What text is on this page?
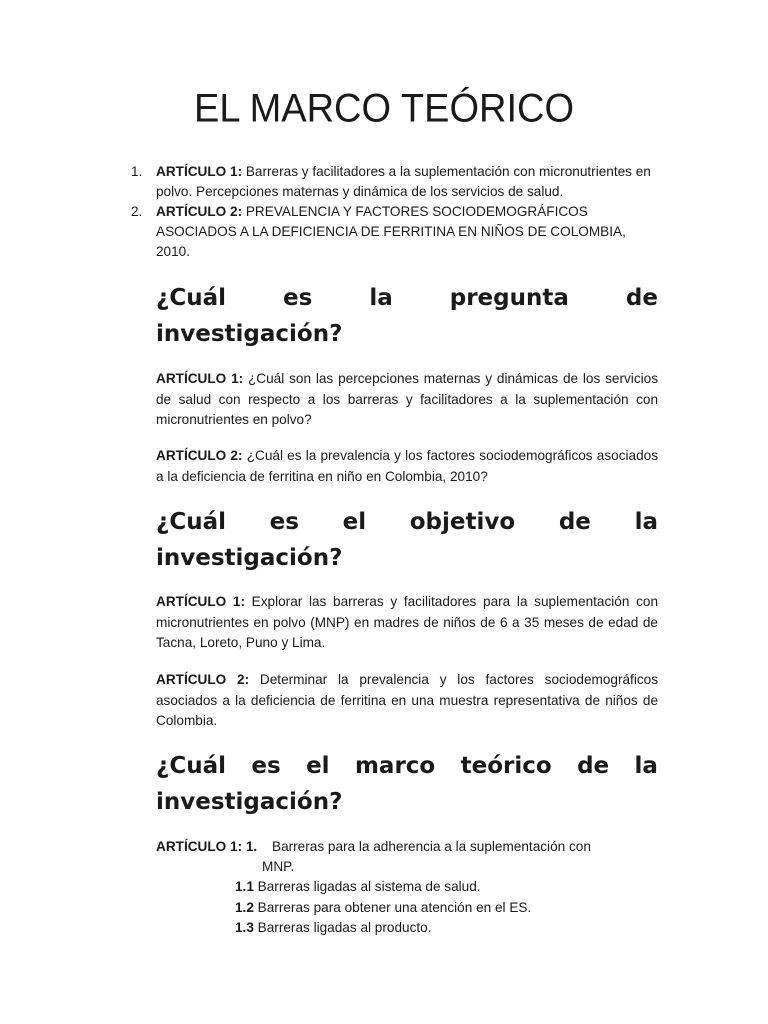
EL MARCO TEÓRICO
1. ARTÍCULO 1: Barreras y facilitadores a la suplementación con micronutrientes en polvo. Percepciones maternas y dinámica de los servicios de salud.
2. ARTÍCULO 2: PREVALENCIA Y FACTORES SOCIODEMOGRÁFICOS ASOCIADOS A LA DEFICIENCIA DE FERRITINA EN NIÑOS DE COLOMBIA, 2010.
¿Cuál es la pregunta de
investigación?
ARTÍCULO 1: ¿Cuál son las percepciones maternas y dinámicas de los servicios de salud con respecto a los barreras y facilitadores a la suplementación con micronutrientes en polvo?
ARTÍCULO 2: ¿Cuál es la prevalencia y los factores sociodemográficos asociados a la deficiencia de ferritina en niño en Colombia, 2010?
¿Cuál es el objetivo de la
investigación?
ARTÍCULO 1: Explorar las barreras y facilitadores para la suplementación con micronutrientes en polvo (MNP) en madres de niños de 6 a 35 meses de edad de Tacna, Loreto, Puno y Lima.
ARTÍCULO 2: Determinar la prevalencia y los factores sociodemográficos asociados a la deficiencia de ferritina en una muestra representativa de niños de Colombia.
¿Cuál es el marco teórico de la
investigación?
ARTÍCULO 1: 1. Barreras para la adherencia a la suplementación con
MNP.
1.1 Barreras ligadas al sistema de salud.
1.2 Barreras para obtener una atención en el ES.
1.3 Barreras ligadas al producto.
